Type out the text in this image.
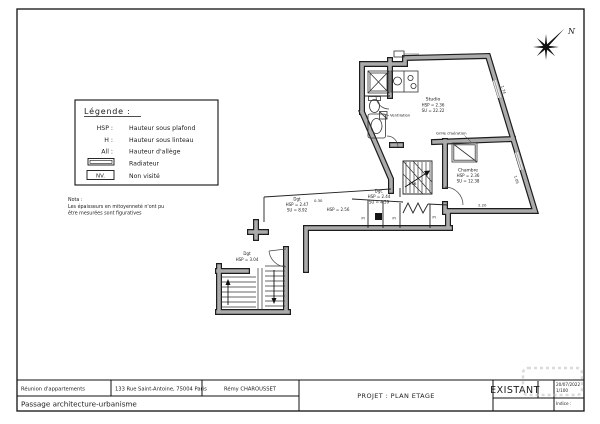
Studio
HSP = 2.36
SU = 22.22
Chambre
HSP = 2.36
SU = 12.38
Dgt
HSP = 2.47
SU = 8.92	HSP = 2.56
Dgt.
HSP = 2.44
SU = 4.59
Dgt
HSP = 3.04
Pl	Pl	Pl	Pl
Ventilation
Grille d'aération
1.74
1.05
2.20
0.30
1.16
N
Légende :
HSP :	Hauteur sous plafond
H :	Hauteur sous linteau
All :	Hauteur d'allège
Radiateur
NV.	Non visité
Nota :
Les épaisseurs en mitoyenneté n'ont pu
être mesurées sont figuratives
Réunion d'appartements	133 Rue Saint-Antoine, 75004 Paris	Rémy CHAROUSSET
Passage architecture-urbanisme
PROJET : PLAN ETAGE	EXISTANT
20/07/2022
1/100
Indice :
